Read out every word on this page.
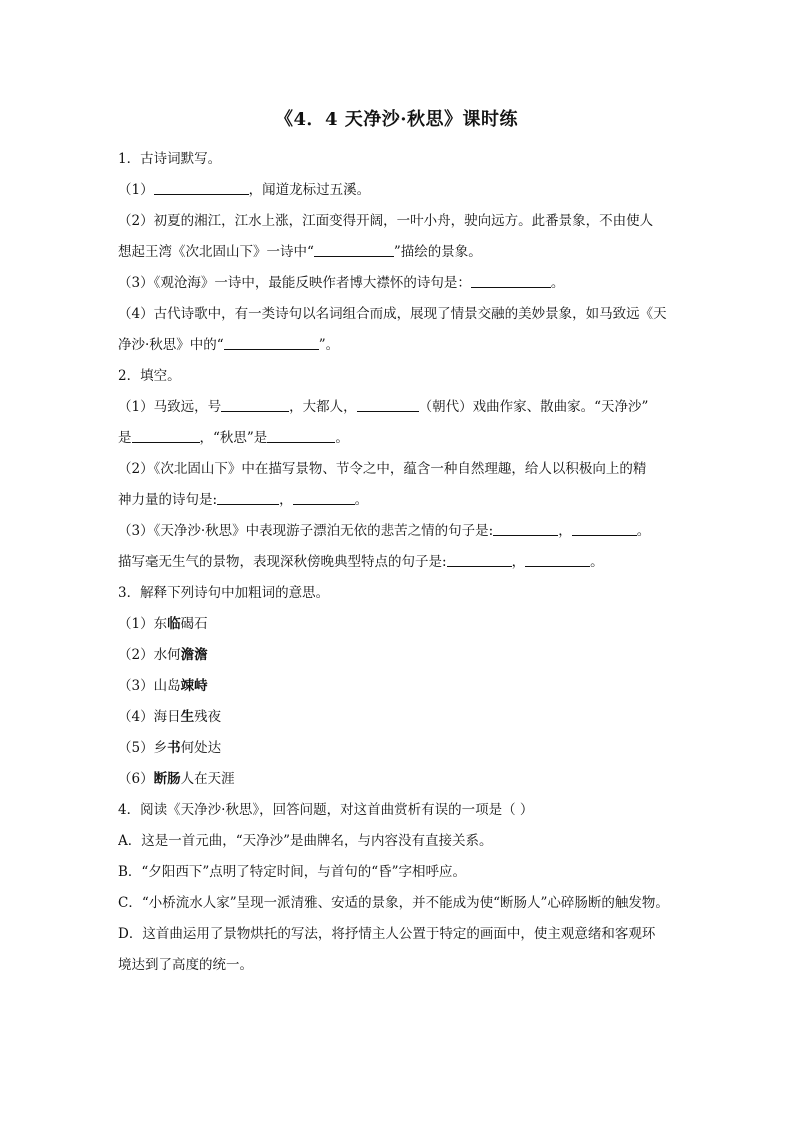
《4．4 天净沙·秋思》课时练
1．古诗词默写。
（1）	，闻道龙标过五溪。
（2）初夏的湘江，江水上涨，江面变得开阔，一叶小舟，驶向远方。此番景象，不由使人
想起王湾《次北固山下》一诗中“	”描绘的景象。
（3）《观沧海》一诗中，最能反映作者博大襟怀的诗句是：	。
（4）古代诗歌中，有一类诗句以名词组合而成，展现了情景交融的美妙景象，如马致远《天
净沙·秋思》中的“	”。
2．填空。
（1）马致远，号	，大都人，	（朝代）戏曲作家、散曲家。“天净沙”
是	，“秋思”是	。
（2）《次北固山下》中在描写景物、节令之中，蕴含一种自然理趣，给人以积极向上的精
神力量的诗句是:	，	。
（3）《天净沙·秋思》中表现游子漂泊无依的悲苦之情的句子是:	，	。
描写毫无生气的景物，表现深秋傍晚典型特点的句子是:	，	。
3．解释下列诗句中加粗词的意思。
（1）东临碣石
（2）水何澹澹
（3）山岛竦峙
（4）海日生残夜
（5）乡书何处达
（6）断肠人在天涯
4．阅读《天净沙·秋思》，回答问题，对这首曲赏析有误的一项是（ ）
A．这是一首元曲，“天净沙”是曲牌名，与内容没有直接关系。
B．“夕阳西下”点明了特定时间，与首句的“昏”字相呼应。
C．“小桥流水人家”呈现一派清雅、安适的景象，并不能成为使“断肠人”心碎肠断的触发物。
D．这首曲运用了景物烘托的写法，将抒情主人公置于特定的画面中，使主观意绪和客观环
境达到了高度的统一。
